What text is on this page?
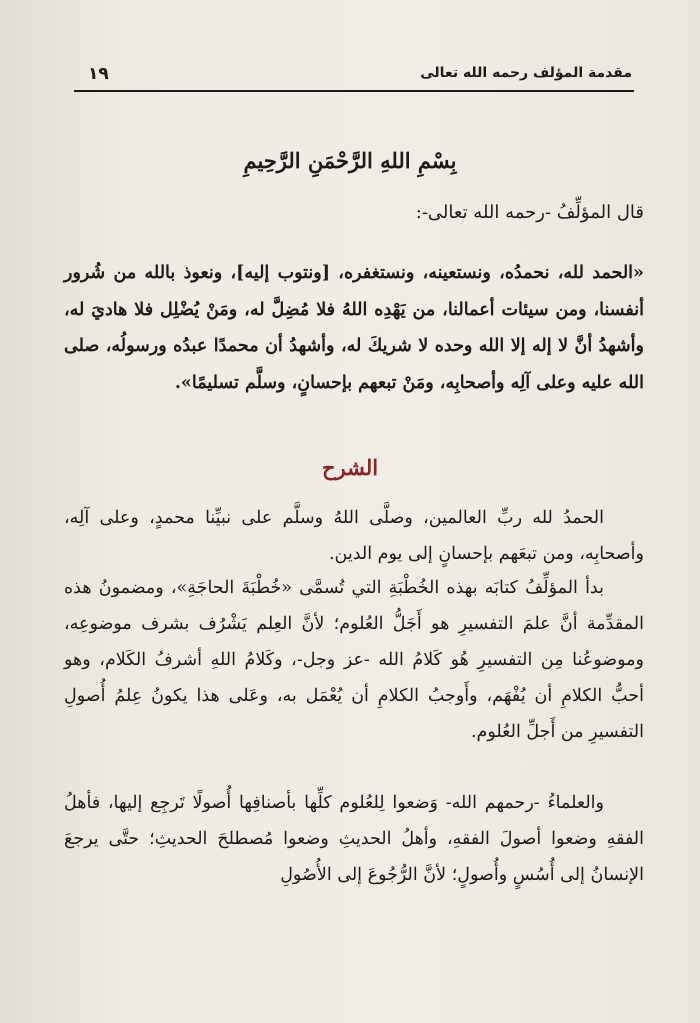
١٩	مقدمة المؤلف رحمه الله تعالى
بِسْمِ اللهِ الرَّحْمَنِ الرَّحِيمِ
قال المؤلِّفُ -رحمه الله تعالى-:
«الحمد لله، نحمدُه، ونستعينه، ونستغفره، [ونتوب إليه]، ونعوذ بالله من شُرور أنفسنا، ومن سيئات أعمالنا، من يَهْدِه اللهُ فلا مُضِلَّ له، ومَنْ يُضْلِل فلا هاديَ له، وأشهدُ أنَّ لا إله إلا الله وحده لا شريكَ له، وأشهدُ أن محمدًا عبدُه ورسولُه، صلى الله عليه وعلى آلِه وأصحابِه، ومَنْ تبعهم بإحسانٍ، وسلَّم تسليمًا».
الشرح

الحمدُ لله ربِّ العالمين، وصلَّى اللهُ وسلَّم على نبيِّنا محمدٍ، وعلى آلِه، وأصحابِه، ومن تبعَهم بإحسانٍ إلى يوم الدين.

بدأ المؤلِّفُ كتابَه بهذه الخُطْبَةِ التي تُسمَّى «خُطْبَةَ الحاجَةِ»، ومضمونُ هذه المقدِّمة أنَّ علمَ التفسيرِ هو أَجَلُّ العُلوم؛ لأنَّ العِلم يَشْرُف بشرف موضوعِه، وموضوعُنا مِن التفسيرِ هُو كَلامُ الله -عز وجل-، وكَلامُ اللهِ أشرفُ الكَلام، وهو أحبُّ الكلامِ أن يُفْهَم، وأَوجبُ الكلامِ أن يُعْمَل به، وعَلى هذا يكونُ عِلمُ أُصولِ التفسيرِ من أَجلِّ العُلوم.

والعلماءُ -رحمهم الله- وَضعوا لِلعُلوم كلِّها بأصنافِها أُصولًا تَرجِع إليها، فأهلُ الفقهِ وضعوا أصولَ الفقهِ، وأهلُ الحديثِ وضعوا مُصطلحَ الحديثِ؛ حتَّى يرجعَ الإنسانُ إلى أُسُسٍ وأُصولٍ؛ لأنَّ الرُّجُوعَ إلى الأُصُولِ
